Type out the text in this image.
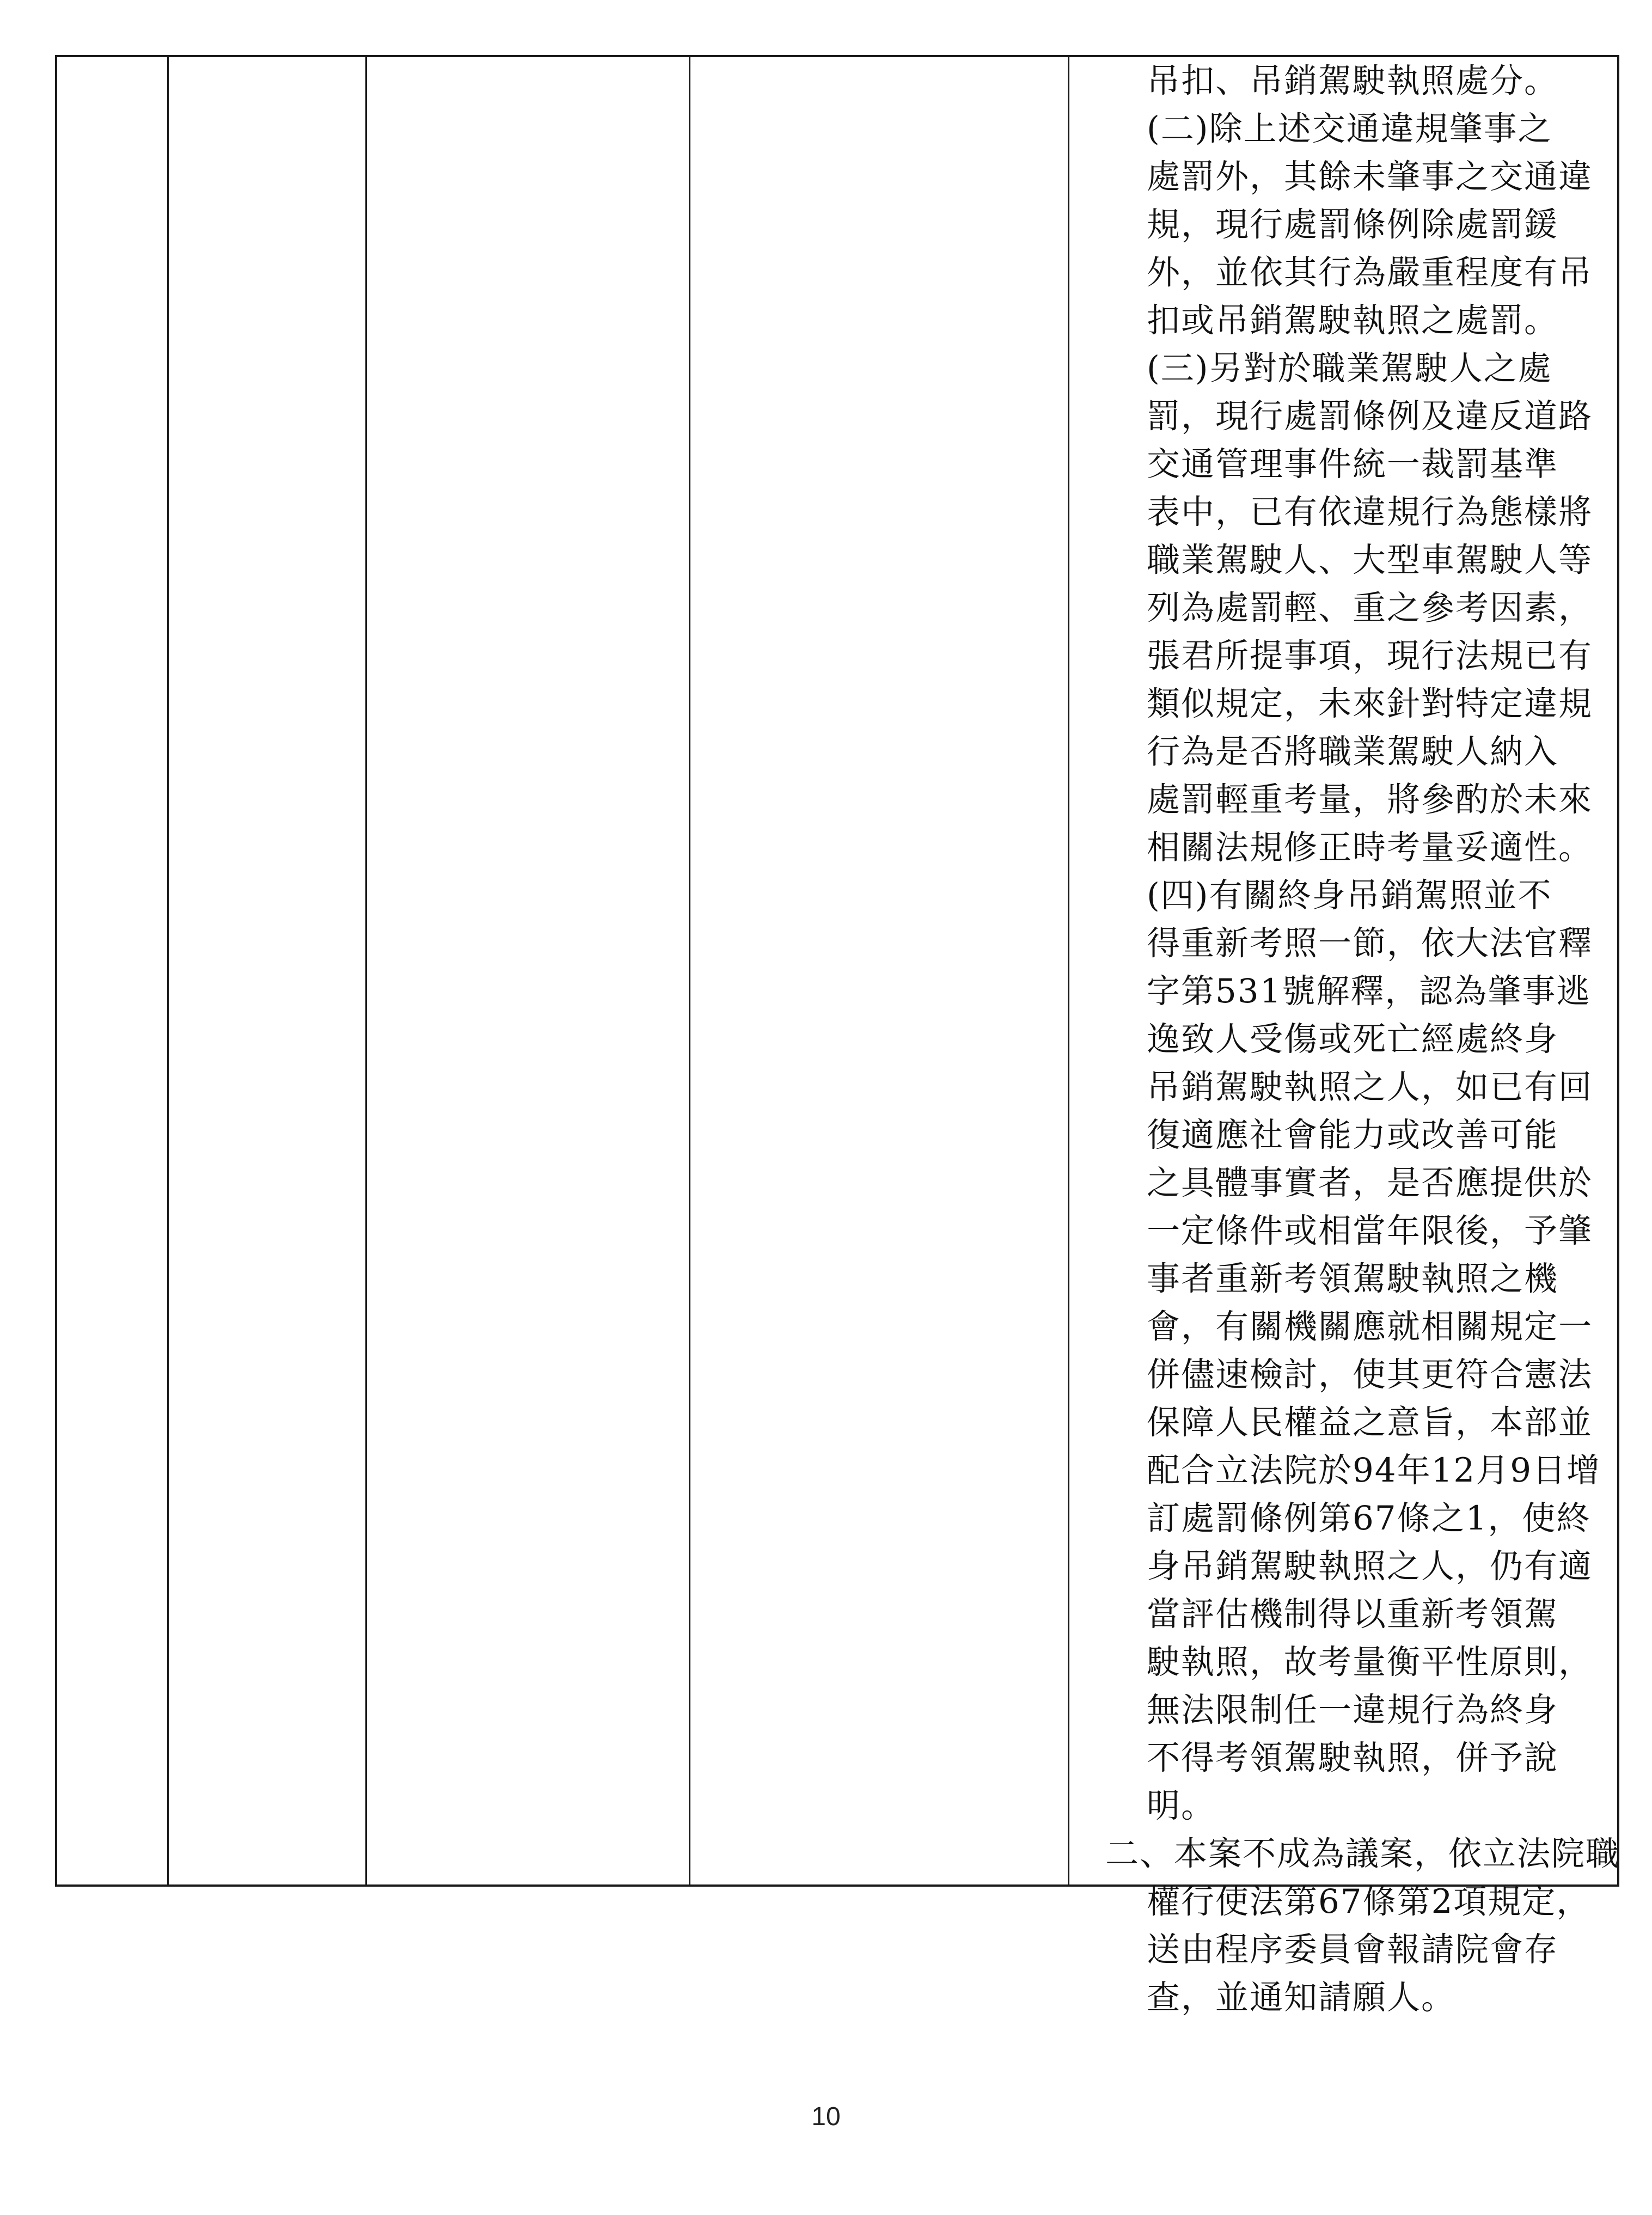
吊扣、吊銷駕駛執照處分。
(二)除上述交通違規肇事之
處罰外，其餘未肇事之交通違
規，現行處罰條例除處罰鍰
外，並依其行為嚴重程度有吊
扣或吊銷駕駛執照之處罰。
(三)另對於職業駕駛人之處
罰，現行處罰條例及違反道路
交通管理事件統一裁罰基準
表中，已有依違規行為態樣將
職業駕駛人、大型車駕駛人等
列為處罰輕、重之參考因素，
張君所提事項，現行法規已有
類似規定，未來針對特定違規
行為是否將職業駕駛人納入
處罰輕重考量，將參酌於未來
相關法規修正時考量妥適性。
(四)有關終身吊銷駕照並不
得重新考照一節，依大法官釋
字第531號解釋，認為肇事逃
逸致人受傷或死亡經處終身
吊銷駕駛執照之人，如已有回
復適應社會能力或改善可能
之具體事實者，是否應提供於
一定條件或相當年限後，予肇
事者重新考領駕駛執照之機
會，有關機關應就相關規定一
併儘速檢討，使其更符合憲法
保障人民權益之意旨，本部並
配合立法院於94年12月9日增
訂處罰條例第67條之1，使終
身吊銷駕駛執照之人，仍有適
當評估機制得以重新考領駕
駛執照，故考量衡平性原則，
無法限制任一違規行為終身
不得考領駕駛執照，併予說
明。
二、本案不成為議案，依立法院職
權行使法第67條第2項規定，
送由程序委員會報請院會存
查，並通知請願人。
10
